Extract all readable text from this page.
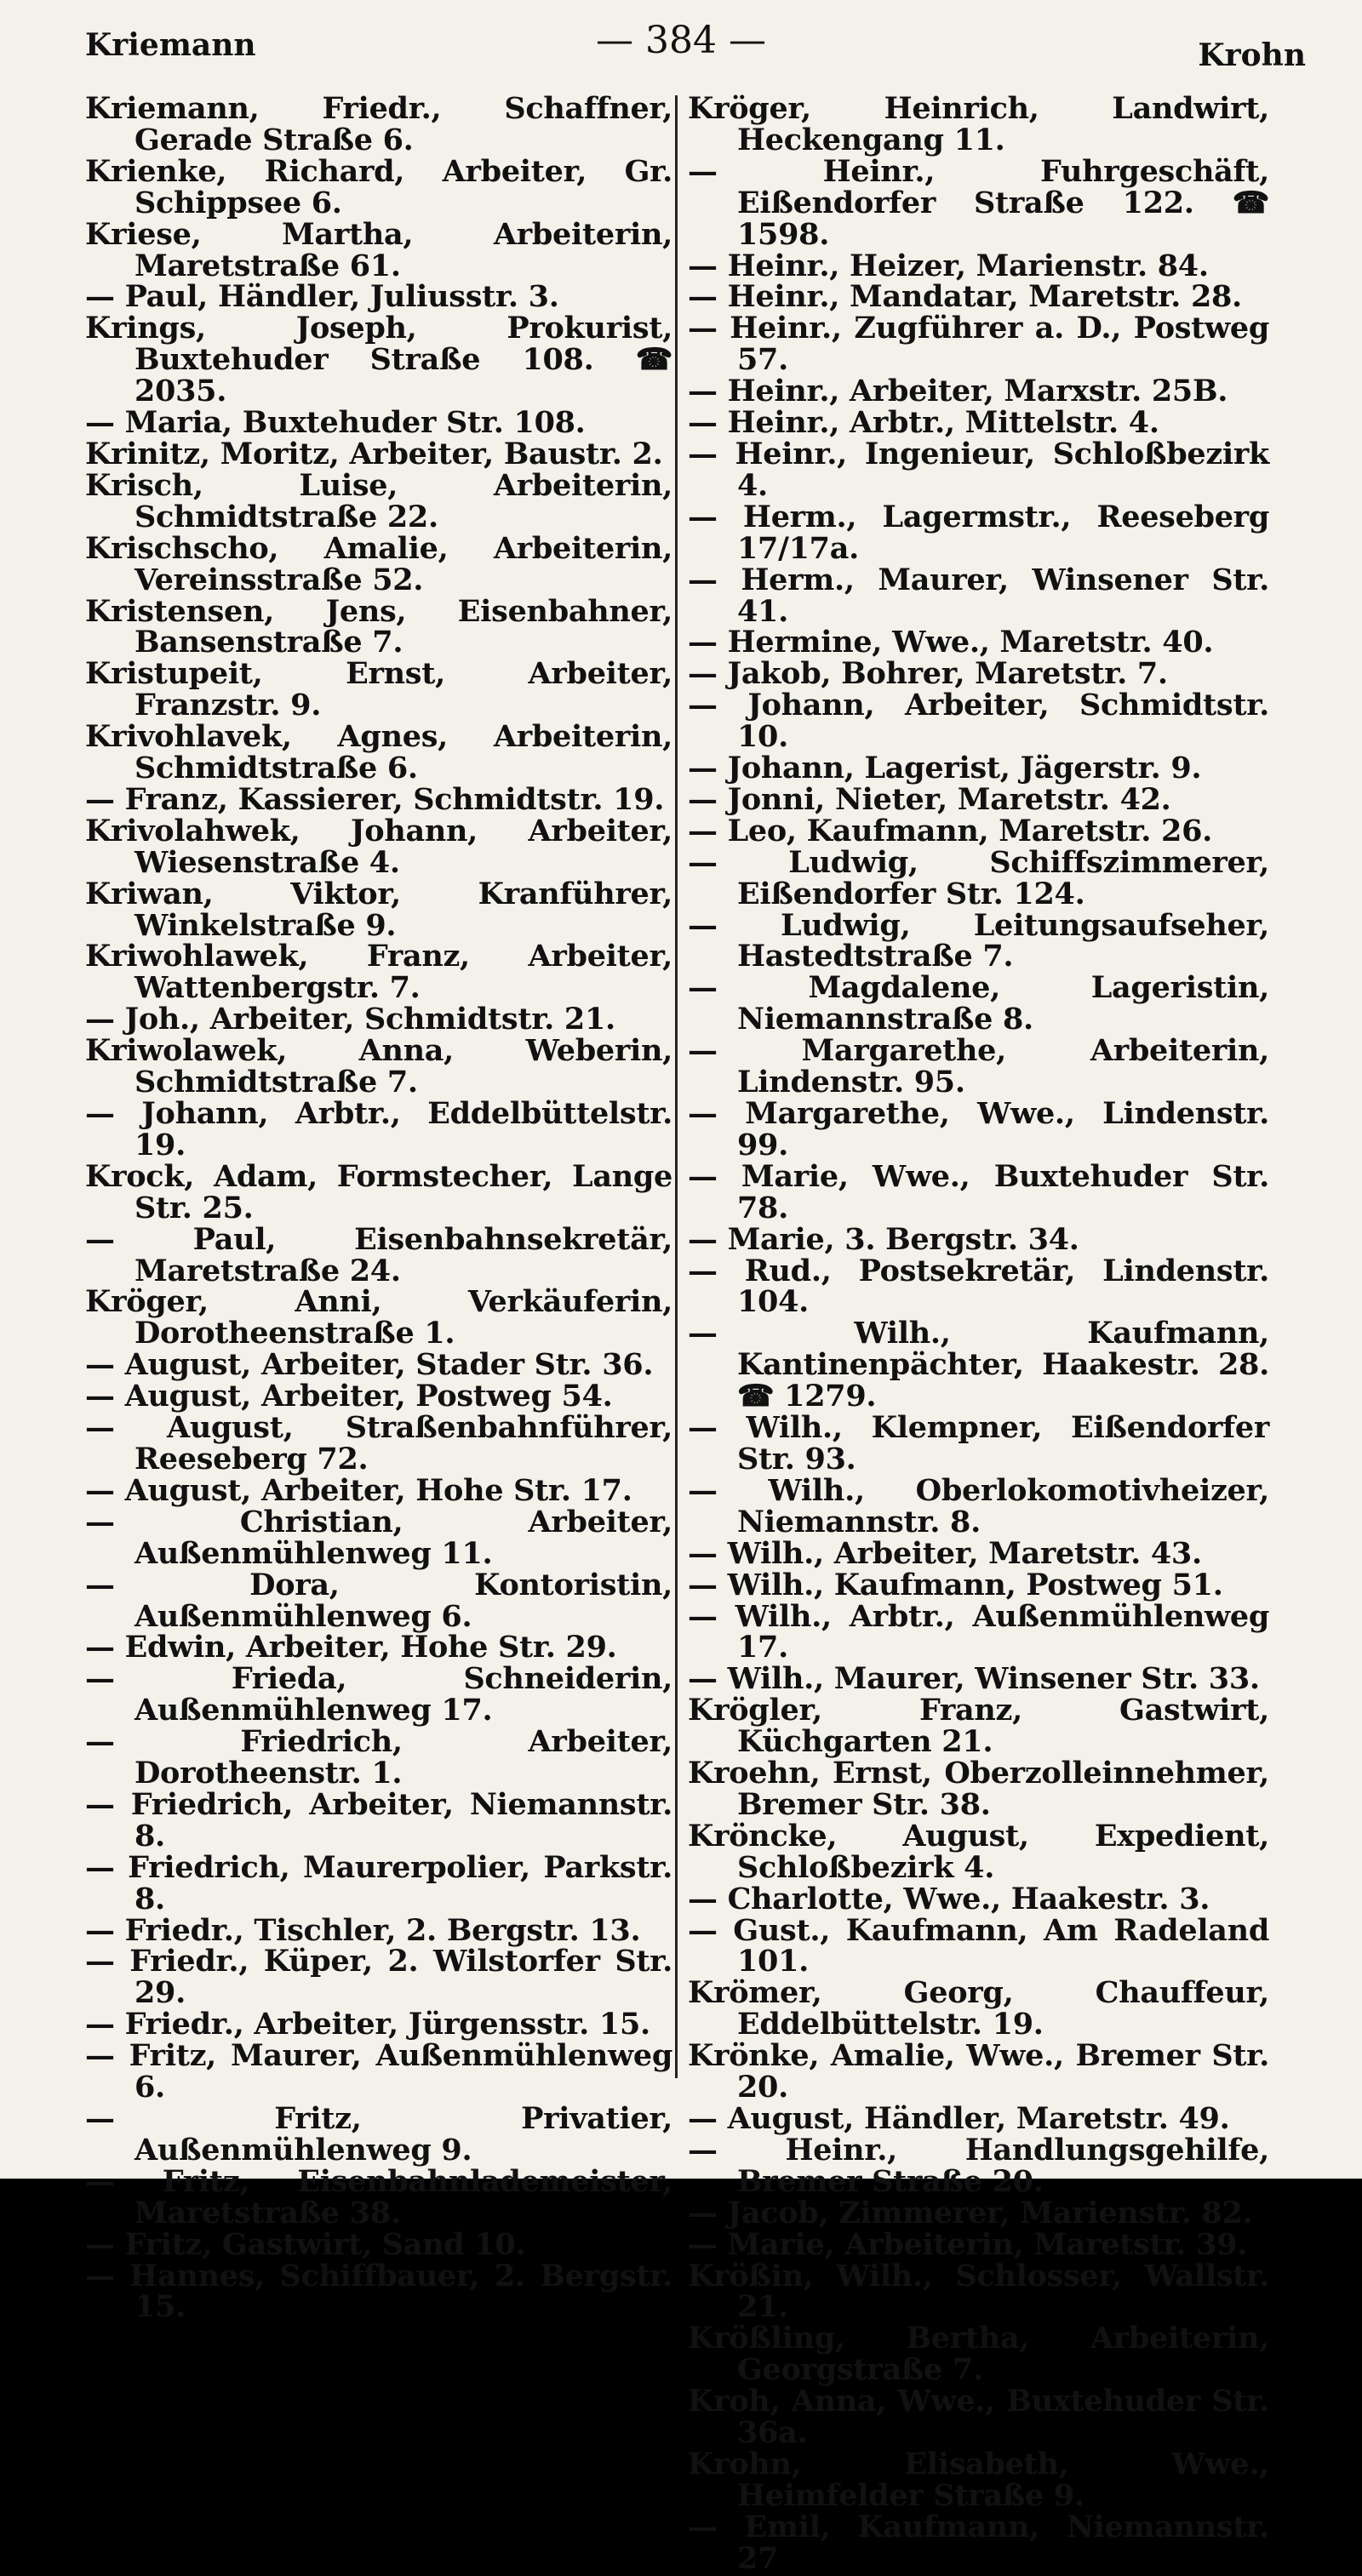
Kriemann	— 384 —	Krohn
Kriemann, Friedr., Schaffner, Gerade Straße 6.
Krienke, Richard, Arbeiter, Gr. Schippsee 6.
Kriese, Martha, Arbeiterin, Maretstraße 61.
— Paul, Händler, Juliusstr. 3.
Krings, Joseph, Prokurist, Buxtehuder Straße 108. ☎ 2035.
— Maria, Buxtehuder Str. 108.
Krinitz, Moritz, Arbeiter, Baustr. 2.
Krisch, Luise, Arbeiterin, Schmidtstraße 22.
Krischscho, Amalie, Arbeiterin, Vereinsstraße 52.
Kristensen, Jens, Eisenbahner, Bansenstraße 7.
Kristupeit, Ernst, Arbeiter, Franzstr. 9.
Krivohlavek, Agnes, Arbeiterin, Schmidtstraße 6.
— Franz, Kassierer, Schmidtstr. 19.
Krivolahwek, Johann, Arbeiter, Wiesenstraße 4.
Kriwan, Viktor, Kranführer, Winkelstraße 9.
Kriwohlawek, Franz, Arbeiter, Wattenbergstr. 7.
— Joh., Arbeiter, Schmidtstr. 21.
Kriwolawek, Anna, Weberin, Schmidtstraße 7.
— Johann, Arbtr., Eddelbüttelstr. 19.
Krock, Adam, Formstecher, Lange Str. 25.
— Paul, Eisenbahnsekretär, Maretstraße 24.
Kröger, Anni, Verkäuferin, Dorotheenstraße 1.
— August, Arbeiter, Stader Str. 36.
— August, Arbeiter, Postweg 54.
— August, Straßenbahnführer, Reeseberg 72.
— August, Arbeiter, Hohe Str. 17.
— Christian, Arbeiter, Außenmühlenweg 11.
— Dora, Kontoristin, Außenmühlenweg 6.
— Edwin, Arbeiter, Hohe Str. 29.
— Frieda, Schneiderin, Außenmühlenweg 17.
— Friedrich, Arbeiter, Dorotheenstr. 1.
— Friedrich, Arbeiter, Niemannstr. 8.
— Friedrich, Maurerpolier, Parkstr. 8.
— Friedr., Tischler, 2. Bergstr. 13.
— Friedr., Küper, 2. Wilstorfer Str. 29.
— Friedr., Arbeiter, Jürgensstr. 15.
— Fritz, Maurer, Außenmühlenweg 6.
— Fritz, Privatier, Außenmühlenweg 9.
— Fritz, Eisenbahnlademeister, Maretstraße 38.
— Fritz, Gastwirt, Sand 10.
— Hannes, Schiffbauer, 2. Bergstr. 15.
Kröger, Heinrich, Landwirt, Heckengang 11.
— Heinr., Fuhrgeschäft, Eißendorfer Straße 122. ☎ 1598.
— Heinr., Heizer, Marienstr. 84.
— Heinr., Mandatar, Maretstr. 28.
— Heinr., Zugführer a. D., Postweg 57.
— Heinr., Arbeiter, Marxstr. 25B.
— Heinr., Arbtr., Mittelstr. 4.
— Heinr., Ingenieur, Schloßbezirk 4.
— Herm., Lagermstr., Reeseberg 17/17a.
— Herm., Maurer, Winsener Str. 41.
— Hermine, Wwe., Maretstr. 40.
— Jakob, Bohrer, Maretstr. 7.
— Johann, Arbeiter, Schmidtstr. 10.
— Johann, Lagerist, Jägerstr. 9.
— Jonni, Nieter, Maretstr. 42.
— Leo, Kaufmann, Maretstr. 26.
— Ludwig, Schiffszimmerer, Eißendorfer Str. 124.
— Ludwig, Leitungsaufseher, Hastedtstraße 7.
— Magdalene, Lageristin, Niemannstraße 8.
— Margarethe, Arbeiterin, Lindenstr. 95.
— Margarethe, Wwe., Lindenstr. 99.
— Marie, Wwe., Buxtehuder Str. 78.
— Marie, 3. Bergstr. 34.
— Rud., Postsekretär, Lindenstr. 104.
— Wilh., Kaufmann, Kantinenpächter, Haakestr. 28. ☎ 1279.
— Wilh., Klempner, Eißendorfer Str. 93.
— Wilh., Oberlokomotivheizer, Niemannstr. 8.
— Wilh., Arbeiter, Maretstr. 43.
— Wilh., Kaufmann, Postweg 51.
— Wilh., Arbtr., Außenmühlenweg 17.
— Wilh., Maurer, Winsener Str. 33.
Krögler, Franz, Gastwirt, Küchgarten 21.
Kroehn, Ernst, Oberzolleinnehmer, Bremer Str. 38.
Kröncke, August, Expedient, Schloßbezirk 4.
— Charlotte, Wwe., Haakestr. 3.
— Gust., Kaufmann, Am Radeland 101.
Krömer, Georg, Chauffeur, Eddelbüttelstr. 19.
Krönke, Amalie, Wwe., Bremer Str. 20.
— August, Händler, Maretstr. 49.
— Heinr., Handlungsgehilfe, Bremer Straße 20.
— Jacob, Zimmerer, Marienstr. 82.
— Marie, Arbeiterin, Maretstr. 39.
Krößin, Wilh., Schlosser, Wallstr. 21.
Krößling, Bertha, Arbeiterin, Georgstraße 7.
Kroh, Anna, Wwe., Buxtehuder Str. 36a.
Krohn, Elisabeth, Wwe., Heimfelder Straße 9.
— Emil, Kaufmann, Niemannstr. 27
